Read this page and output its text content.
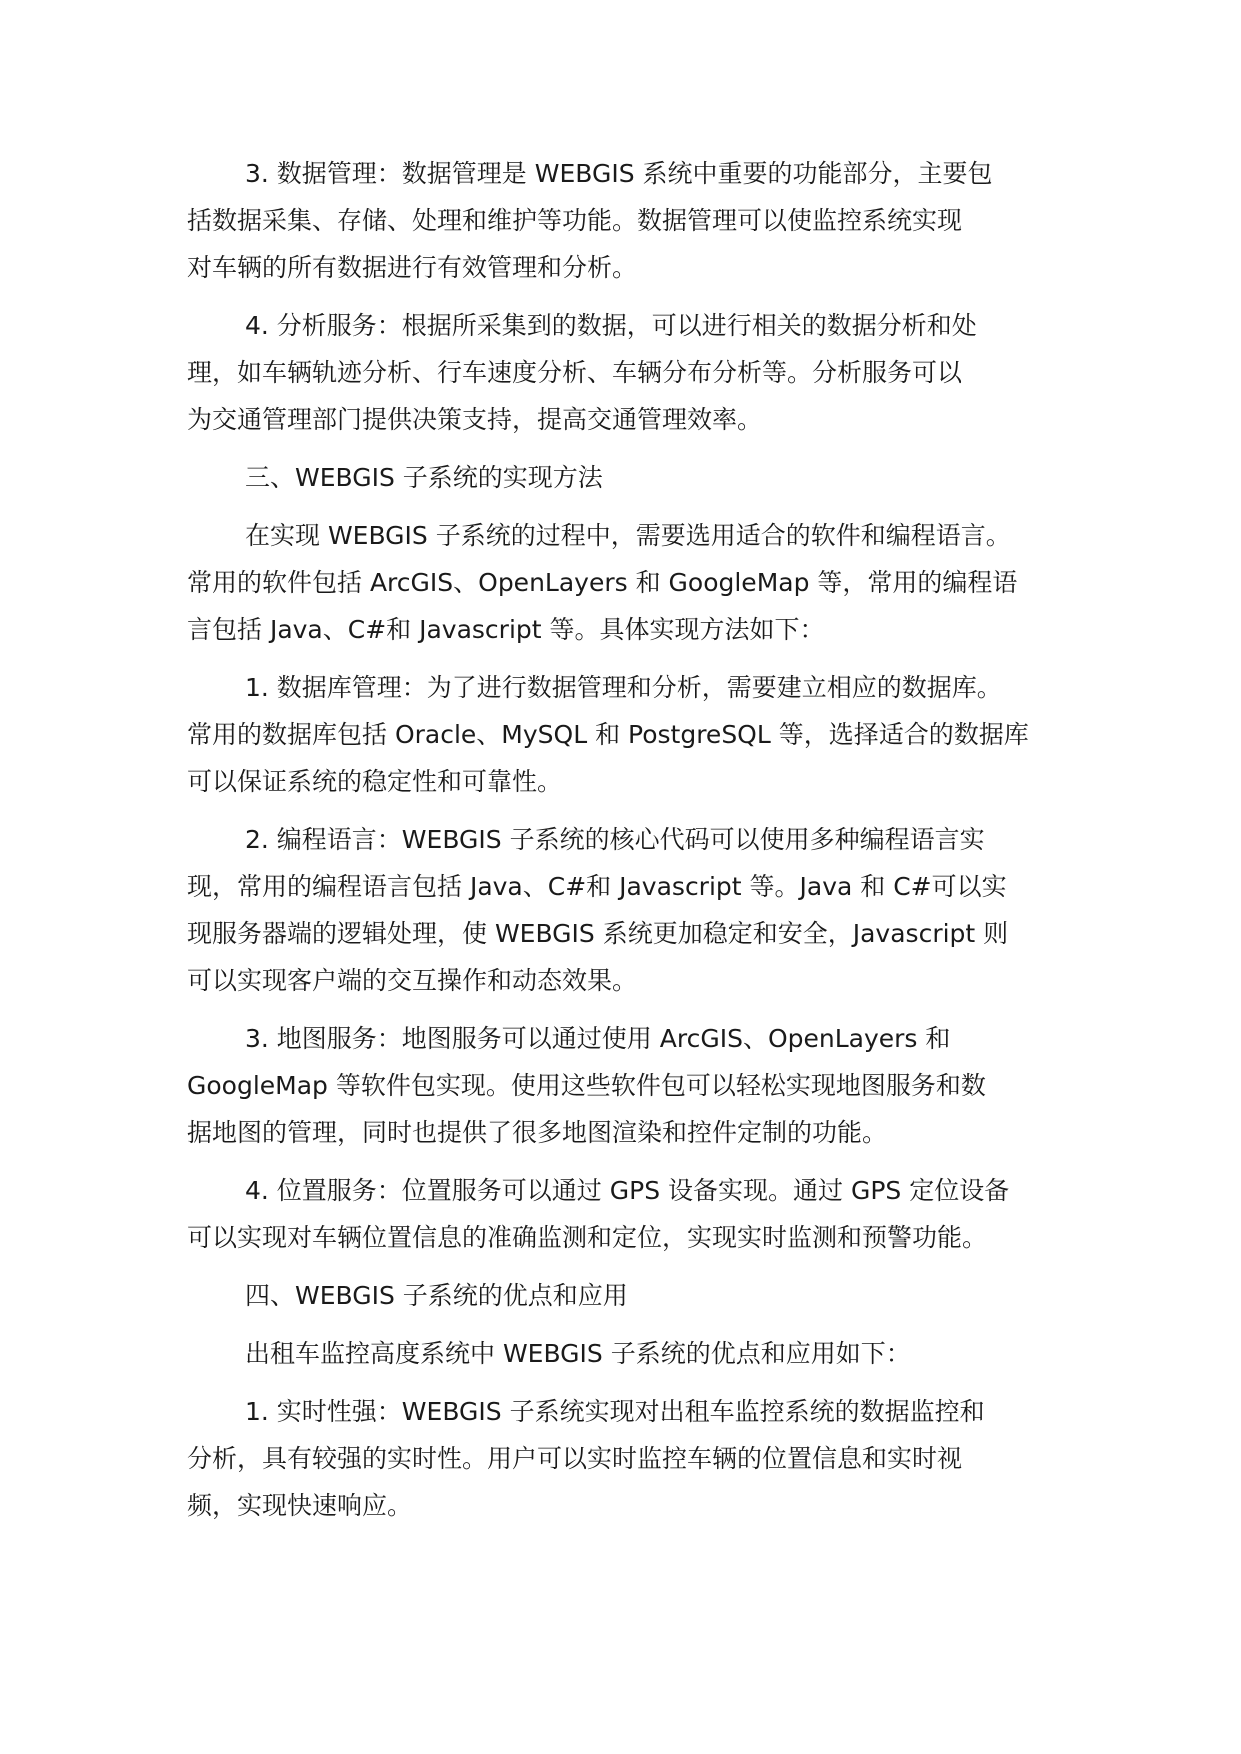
3. 数据管理：数据管理是 WEBGIS 系统中重要的功能部分，主要包
括数据采集、存储、处理和维护等功能。数据管理可以使监控系统实现
对车辆的所有数据进行有效管理和分析。
4. 分析服务：根据所采集到的数据，可以进行相关的数据分析和处
理，如车辆轨迹分析、行车速度分析、车辆分布分析等。分析服务可以
为交通管理部门提供决策支持，提高交通管理效率。
三、WEBGIS 子系统的实现方法
在实现 WEBGIS 子系统的过程中，需要选用适合的软件和编程语言。
常用的软件包括 ArcGIS、OpenLayers 和 GoogleMap 等，常用的编程语
言包括 Java、C#和 Javascript 等。具体实现方法如下：
1. 数据库管理：为了进行数据管理和分析，需要建立相应的数据库。
常用的数据库包括 Oracle、MySQL 和 PostgreSQL 等，选择适合的数据库
可以保证系统的稳定性和可靠性。
2. 编程语言：WEBGIS 子系统的核心代码可以使用多种编程语言实
现，常用的编程语言包括 Java、C#和 Javascript 等。Java 和 C#可以实
现服务器端的逻辑处理，使 WEBGIS 系统更加稳定和安全，Javascript 则
可以实现客户端的交互操作和动态效果。
3. 地图服务：地图服务可以通过使用 ArcGIS、OpenLayers 和
GoogleMap 等软件包实现。使用这些软件包可以轻松实现地图服务和数
据地图的管理，同时也提供了很多地图渲染和控件定制的功能。
4. 位置服务：位置服务可以通过 GPS 设备实现。通过 GPS 定位设备
可以实现对车辆位置信息的准确监测和定位，实现实时监测和预警功能。
四、WEBGIS 子系统的优点和应用
出租车监控高度系统中 WEBGIS 子系统的优点和应用如下：
1. 实时性强：WEBGIS 子系统实现对出租车监控系统的数据监控和
分析，具有较强的实时性。用户可以实时监控车辆的位置信息和实时视
频，实现快速响应。
